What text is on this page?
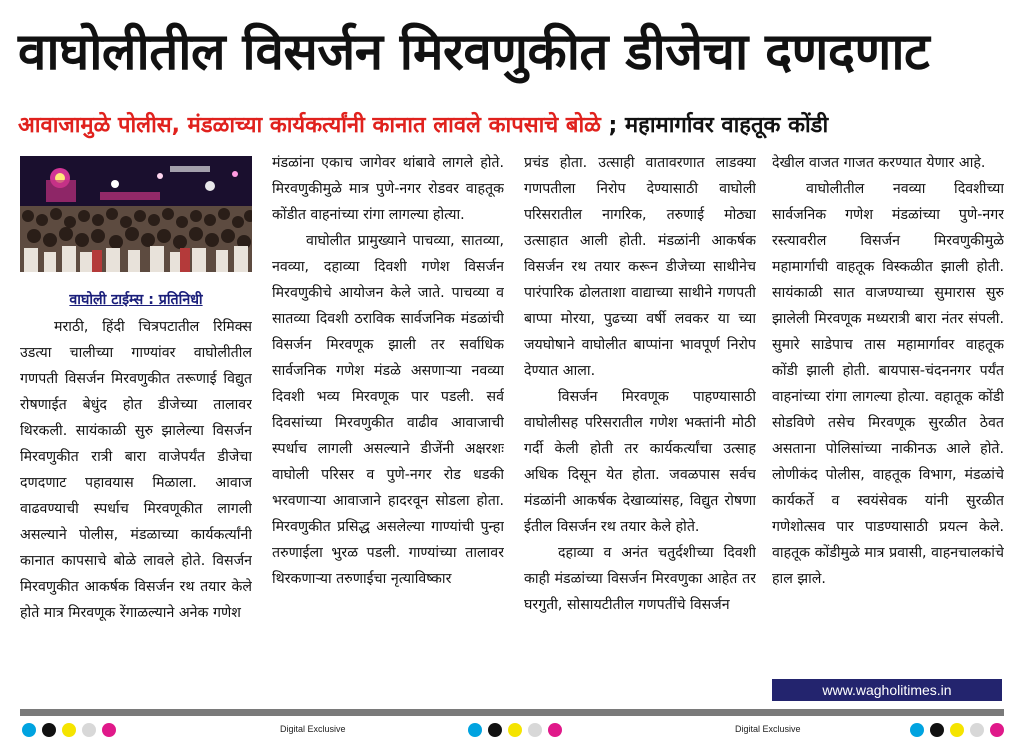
वाघोलीतील विसर्जन मिरवणुकीत डीजेचा दणदणाट
आवाजामुळे पोलीस, मंडळाच्या कार्यकर्त्यांनी कानात लावले कापसाचे बोळे ; महामार्गावर वाहतूक कोंडी
वाघोली टाईम्स : प्रतिनिधी

मराठी, हिंदी चित्रपटातील रिमिक्स उडत्या चालीच्या गाण्यांवर वाघोलीतील गणपती विसर्जन मिरवणुकीत तरूणाई विद्युत रोषणाईत बेधुंद होत डीजेच्या तालावर थिरकली. सायंकाळी सुरु झालेल्या विसर्जन मिरवणुकीत रात्री बारा वाजेपर्यंत डीजेचा दणदणाट पहावयास मिळाला. आवाज वाढवण्याची स्पर्धाच मिरवणूकीत लागली असल्याने पोलीस, मंडळाच्या कार्यकर्त्यांनी कानात कापसाचे बोळे लावले होते. विसर्जन मिरवणुकीत आकर्षक विसर्जन रथ तयार केले होते मात्र मिरवणूक रेंगाळल्याने अनेक गणेश

मंडळांना एकाच जागेवर थांबावे लागले होते. मिरवणुकीमुळे मात्र पुणे-नगर रोडवर वाहतूक कोंडीत वाहनांच्या रांगा लागल्या होत्या.

वाघोलीत प्रामुख्याने पाचव्या, सातव्या, नवव्या, दहाव्या दिवशी गणेश विसर्जन मिरवणुकीचे आयोजन केले जाते. पाचव्या व सातव्या दिवशी ठराविक सार्वजनिक मंडळांची विसर्जन मिरवणूक झाली तर सर्वाधिक सार्वजनिक गणेश मंडळे असणाऱ्या नवव्या दिवशी भव्य मिरवणूक पार पडली. सर्व दिवसांच्या मिरवणुकीत वाढीव आवाजाची स्पर्धाच लागली असल्याने डीजेंनी अक्षरशः वाघोली परिसर व पुणे-नगर रोड धडकी भरवणाऱ्या आवाजाने हादरवून सोडला होता. मिरवणुकीत प्रसिद्ध असलेल्या गाण्यांची पुन्हा तरुणाईला भुरळ पडली. गाण्यांच्या तालावर थिरकणाऱ्या तरुणाईचा नृत्याविष्कार

प्रचंड होता. उत्साही वातावरणात लाडक्या गणपतीला निरोप देण्यासाठी वाघोली परिसरातील नागरिक, तरुणाई मोठ्या उत्साहात आली होती. मंडळांनी आकर्षक विसर्जन रथ तयार करून डीजेच्या साथीनेच पारंपारिक ढोलताशा वाद्याच्या साथीने गणपती बाप्पा मोरया, पुढच्या वर्षी लवकर या च्या जयघोषाने वाघोलीत बाप्पांना भावपूर्ण निरोप देण्यात आला.

विसर्जन मिरवणूक पाहण्यासाठी वाघोलीसह परिसरातील गणेश भक्तांनी मोठी गर्दी केली होती तर कार्यकर्त्यांचा उत्साह अधिक दिसून येत होता. जवळपास सर्वच मंडळांनी आकर्षक देखाव्यांसह, विद्युत रोषणा ईतील विसर्जन रथ तयार केले होते.

दहाव्या व अनंत चतुर्दशीच्या दिवशी काही मंडळांच्या विसर्जन मिरवणुका आहेत तर घरगुती, सोसायटीतील गणपतींचे विसर्जन

देखील वाजत गाजत करण्यात येणार आहे.

वाघोलीतील नवव्या दिवशीच्या सार्वजनिक गणेश मंडळांच्या पुणे-नगर रस्त्यावरील विसर्जन मिरवणुकीमुळे महामार्गाची वाहतूक विस्कळीत झाली होती. सायंकाळी सात वाजण्याच्या सुमारास सुरु झालेली मिरवणूक मध्यरात्री बारा नंतर संपली. सुमारे साडेपाच तास महामार्गावर वाहतूक कोंडी झाली होती. बायपास-चंदननगर पर्यंत वाहनांच्या रांगा लागल्या होत्या. वहातूक कोंडी सोडविणे तसेच मिरवणूक सुरळीत ठेवत असताना पोलिसांच्या नाकीनऊ आले होते. लोणीकंद पोलीस, वाहतूक विभाग, मंडळांचे कार्यकर्ते व स्वयंसेवक यांनी सुरळीत गणेशोत्सव पार पाडण्यासाठी प्रयत्न केले. वाहतूक कोंडीमुळे मात्र प्रवासी, वाहनचालकांचे हाल झाले.

www.wagholitimes.in
Digital Exclusive	Digital Exclusive
